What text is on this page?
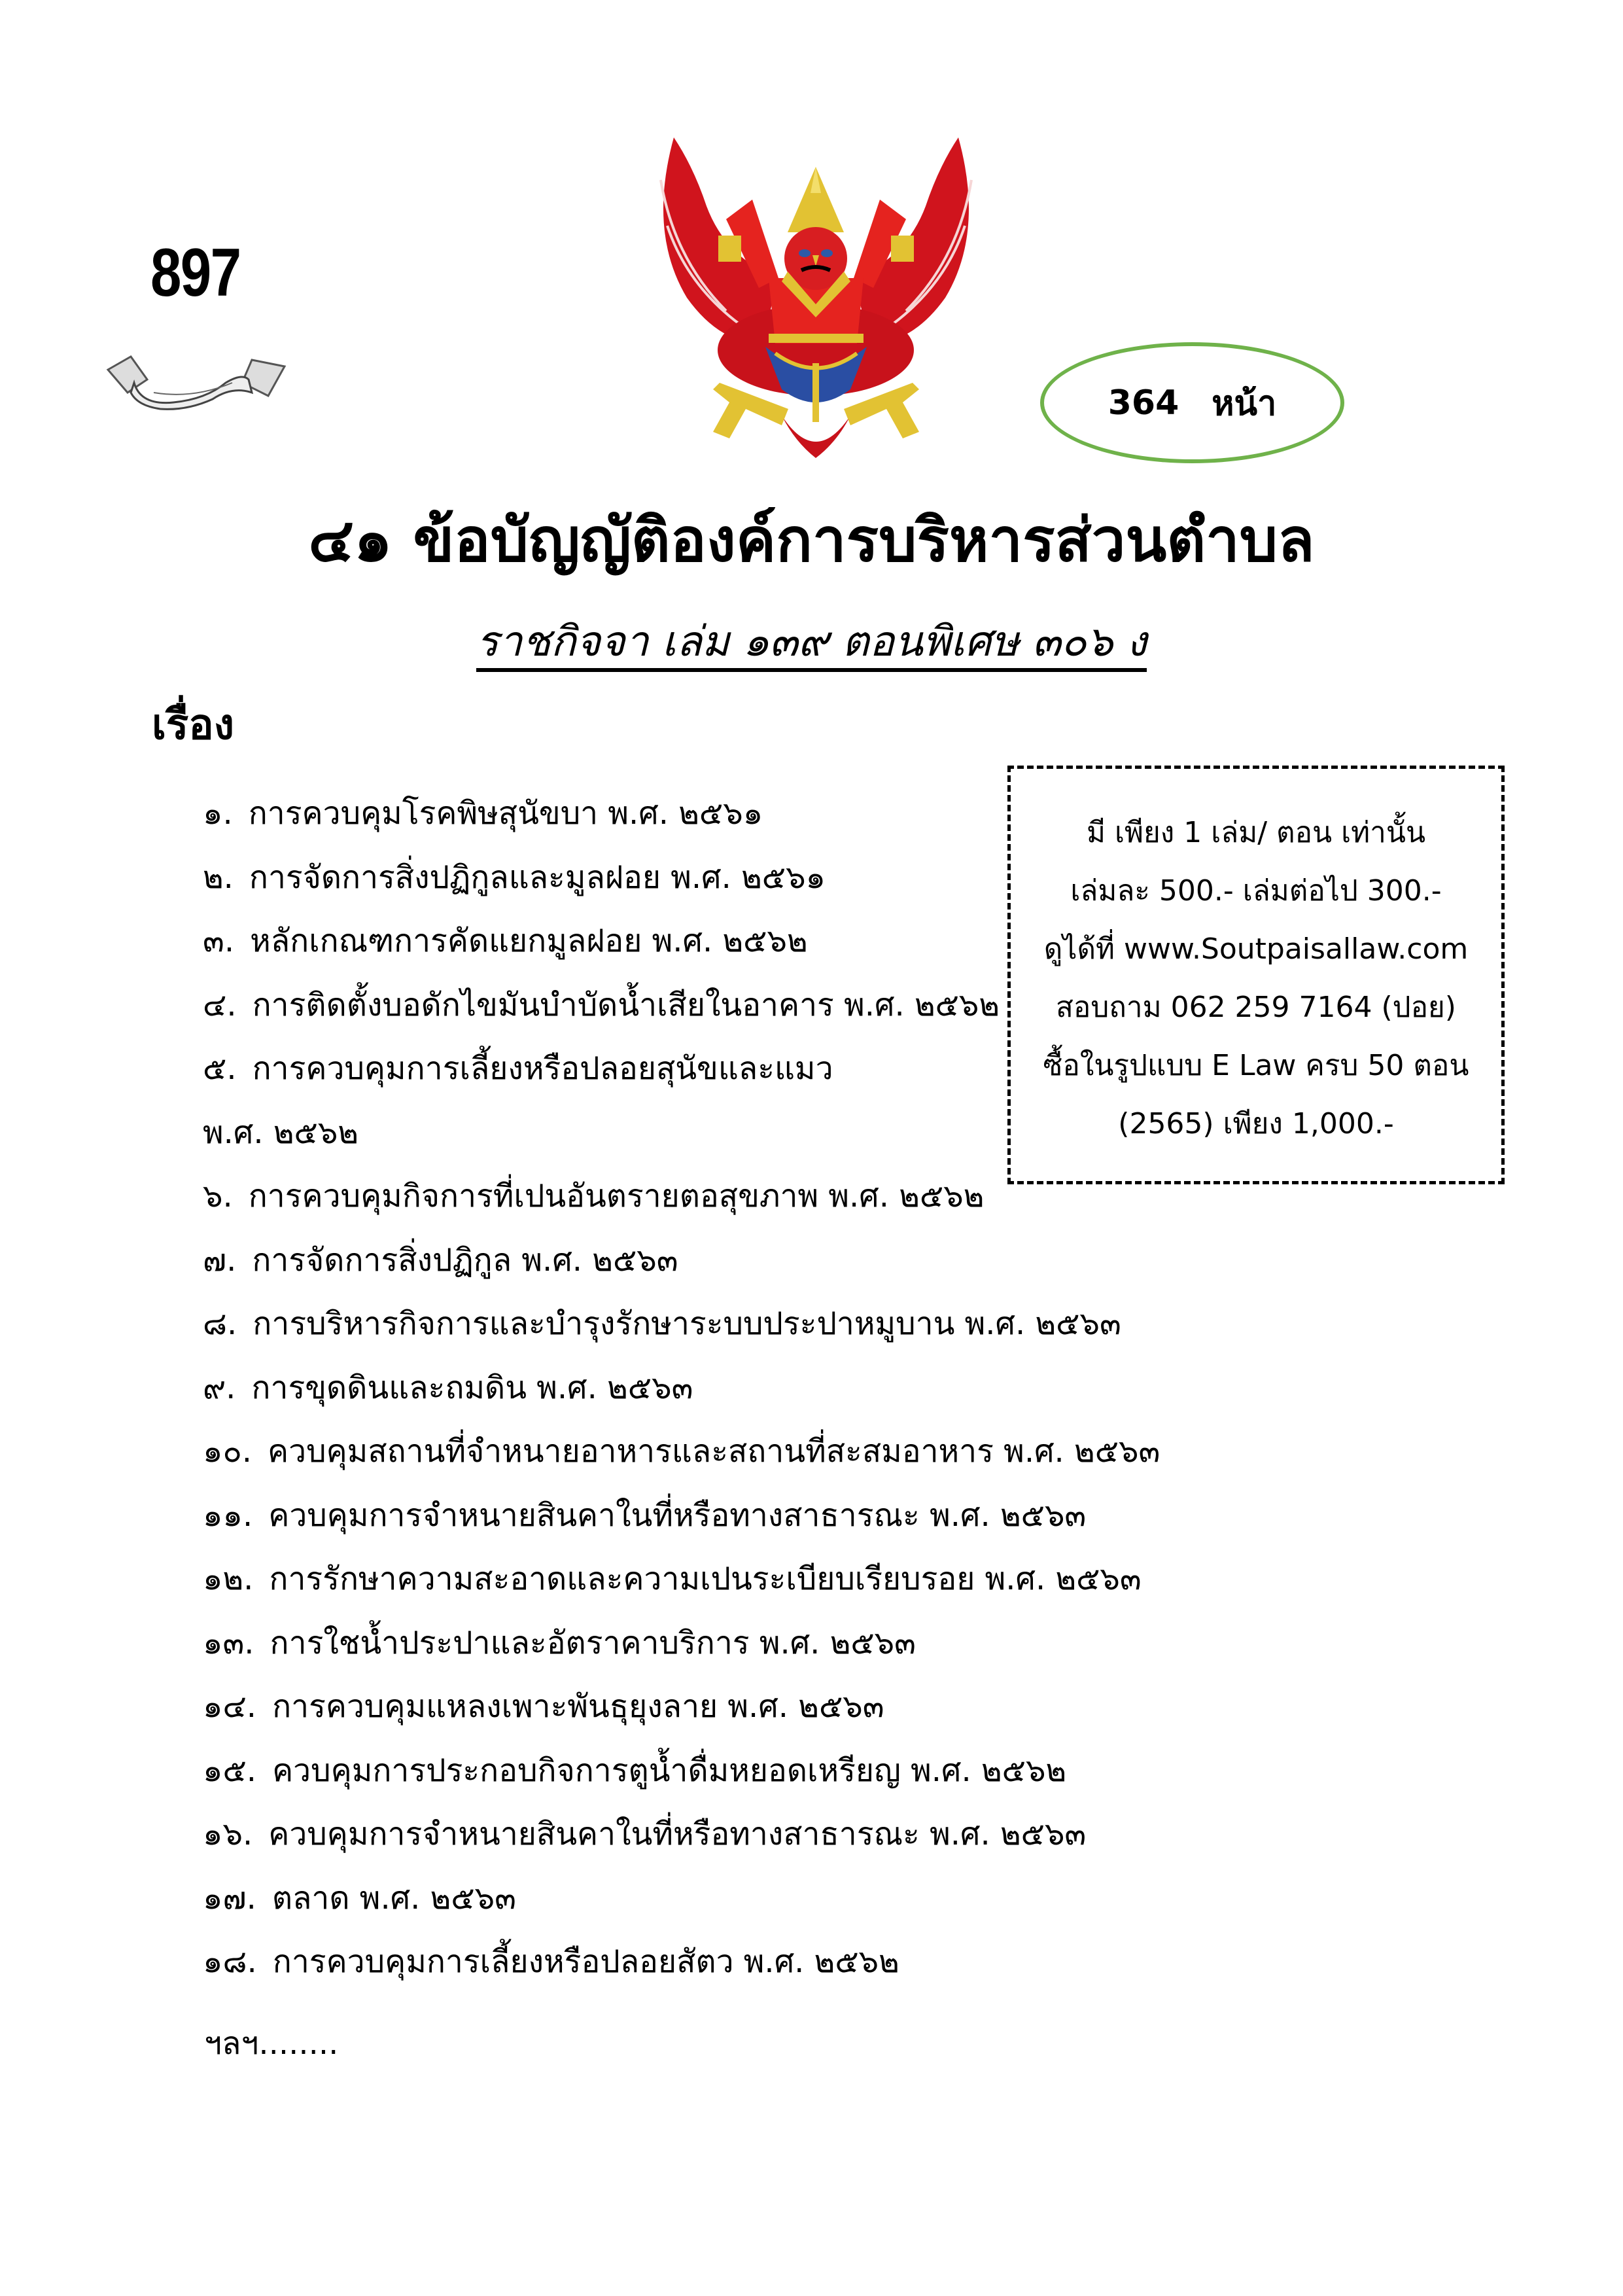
897
364 หน้า
๔๑ ข้อบัญญัติองค์การบริหารส่วนตำบล
ราชกิจจา เล่ม ๑๓๙ ตอนพิเศษ ๓๐๖ ง
เรื่อง
๑. การควบคุมโรคพิษสุนัขบา พ.ศ. ๒๕๖๑
๒. การจัดการสิ่งปฏิกูลและมูลฝอย พ.ศ. ๒๕๖๑
๓. หลักเกณฑการคัดแยกมูลฝอย พ.ศ. ๒๕๖๒
๔. การติดตั้งบอดักไขมันบำบัดน้ำเสียในอาคาร พ.ศ. ๒๕๖๒
๕. การควบคุมการเลี้ยงหรือปลอยสุนัขและแมว
พ.ศ. ๒๕๖๒
๖. การควบคุมกิจการที่เปนอันตรายตอสุขภาพ พ.ศ. ๒๕๖๒
๗. การจัดการสิ่งปฏิกูล พ.ศ. ๒๕๖๓
๘. การบริหารกิจการและบำรุงรักษาระบบประปาหมูบาน พ.ศ. ๒๕๖๓
๙. การขุดดินและถมดิน พ.ศ. ๒๕๖๓
๑๐. ควบคุมสถานที่จำหนายอาหารและสถานที่สะสมอาหาร พ.ศ. ๒๕๖๓
๑๑. ควบคุมการจำหนายสินคาในที่หรือทางสาธารณะ พ.ศ. ๒๕๖๓
๑๒. การรักษาความสะอาดและความเปนระเบียบเรียบรอย พ.ศ. ๒๕๖๓
๑๓. การใชน้ำประปาและอัตราคาบริการ พ.ศ. ๒๕๖๓
๑๔. การควบคุมแหลงเพาะพันธุยุงลาย พ.ศ. ๒๕๖๓
๑๕. ควบคุมการประกอบกิจการตูน้ำดื่มหยอดเหรียญ พ.ศ. ๒๕๖๒
๑๖. ควบคุมการจำหนายสินคาในที่หรือทางสาธารณะ พ.ศ. ๒๕๖๓
๑๗. ตลาด พ.ศ. ๒๕๖๓
๑๘. การควบคุมการเลี้ยงหรือปลอยสัตว พ.ศ. ๒๕๖๒
ฯลฯ........
มี เพียง 1 เล่ม/ ตอน เท่านั้น
เล่มละ 500.- เล่มต่อไป 300.-
ดูได้ที่ www.Soutpaisallaw.com
สอบถาม 062 259 7164 (ปอย)
ซื้อในรูปแบบ E Law ครบ 50 ตอน
(2565) เพียง 1,000.-
